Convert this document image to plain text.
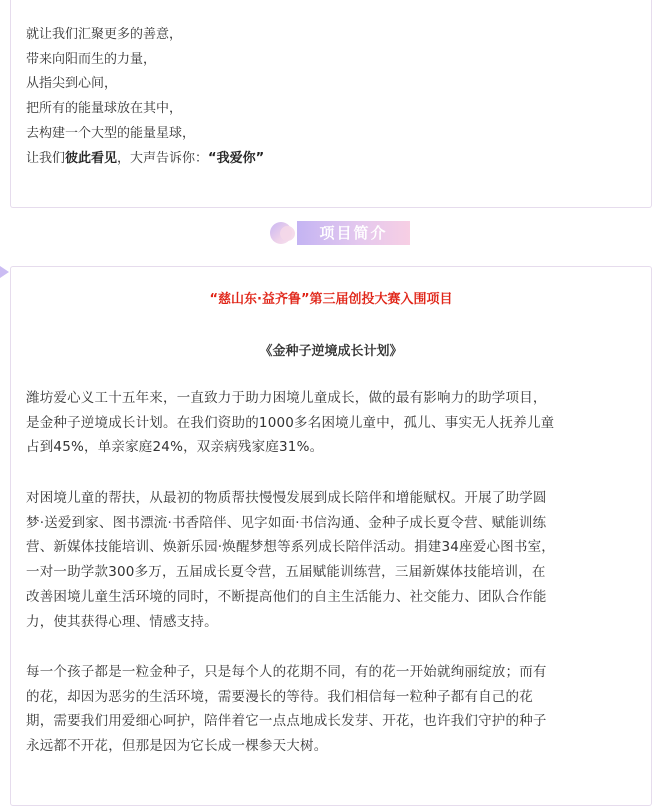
就让我们汇聚更多的善意，
带来向阳而生的力量，
从指尖到心间，
把所有的能量球放在其中，
去构建一个大型的能量星球，
让我们彼此看见，大声告诉你：“我爱你”
项目简介
“慈山东·益齐鲁”第三届创投大赛入围项目
《金种子逆境成长计划》
潍坊爱心义工十五年来，一直致力于助力困境儿童成长，做的最有影响力的助学项目，
是金种子逆境成长计划。在我们资助的1000多名困境儿童中，孤儿、事实无人抚养儿童
占到45%，单亲家庭24%，双亲病残家庭31%。
对困境儿童的帮扶，从最初的物质帮扶慢慢发展到成长陪伴和增能赋权。开展了助学圆
梦·送爱到家、图书漂流·书香陪伴、见字如面·书信沟通、金种子成长夏令营、赋能训练
营、新媒体技能培训、焕新乐园·焕醒梦想等系列成长陪伴活动。捐建34座爱心图书室，
一对一助学款300多万，五届成长夏令营，五届赋能训练营，三届新媒体技能培训，在
改善困境儿童生活环境的同时，不断提高他们的自主生活能力、社交能力、团队合作能
力，使其获得心理、情感支持。
每一个孩子都是一粒金种子，只是每个人的花期不同，有的花一开始就绚丽绽放；而有
的花，却因为恶劣的生活环境，需要漫长的等待。我们相信每一粒种子都有自己的花
期，需要我们用爱细心呵护，陪伴着它一点点地成长发芽、开花，也许我们守护的种子
永远都不开花，但那是因为它长成一棵参天大树。
